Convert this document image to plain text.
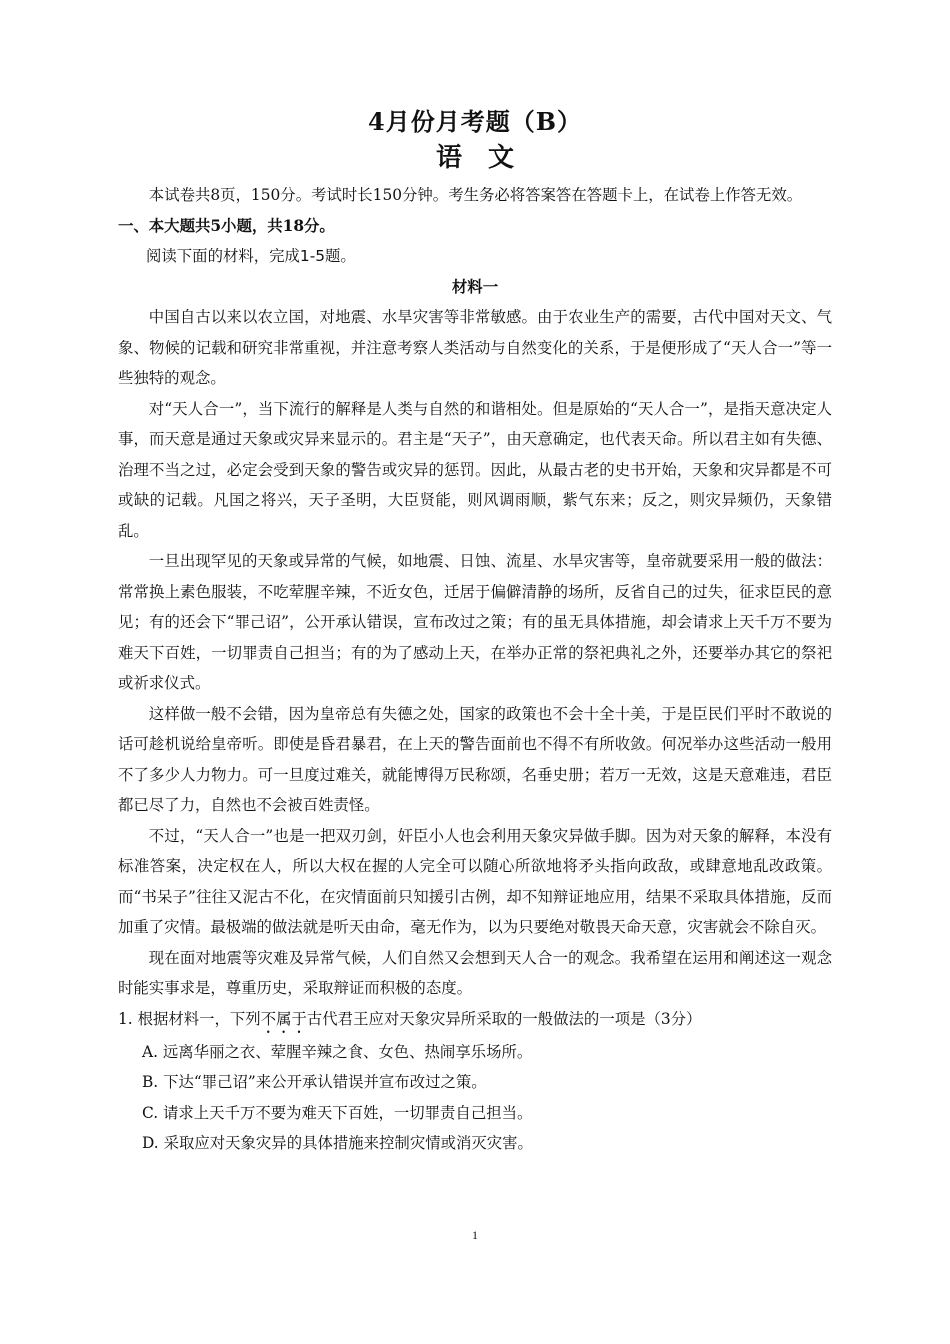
4月份月考题（B）
语文

本试卷共8页，150分。考试时长150分钟。考生务必将答案答在答题卡上，在试卷上作答无效。

一、本大题共5小题，共18分。

阅读下面的材料，完成1-5题。

材料一

中国自古以来以农立国，对地震、水旱灾害等非常敏感。由于农业生产的需要，古代中国对天文、气象、物候的记载和研究非常重视，并注意考察人类活动与自然变化的关系，于是便形成了“天人合一”等一些独特的观念。

对“天人合一”，当下流行的解释是人类与自然的和谐相处。但是原始的“天人合一”，是指天意决定人事，而天意是通过天象或灾异来显示的。君主是“天子”，由天意确定，也代表天命。所以君主如有失德、治理不当之过，必定会受到天象的警告或灾异的惩罚。因此，从最古老的史书开始，天象和灾异都是不可或缺的记载。凡国之将兴，天子圣明，大臣贤能，则风调雨顺，紫气东来；反之，则灾异频仍，天象错乱。

一旦出现罕见的天象或异常的气候，如地震、日蚀、流星、水旱灾害等，皇帝就要采用一般的做法：常常换上素色服装，不吃荤腥辛辣，不近女色，迁居于偏僻清静的场所，反省自己的过失，征求臣民的意见；有的还会下“罪己诏”，公开承认错误，宣布改过之策；有的虽无具体措施，却会请求上天千万不要为难天下百姓，一切罪责自己担当；有的为了感动上天，在举办正常的祭祀典礼之外，还要举办其它的祭祀或祈求仪式。

这样做一般不会错，因为皇帝总有失德之处，国家的政策也不会十全十美，于是臣民们平时不敢说的话可趁机说给皇帝听。即使是昏君暴君，在上天的警告面前也不得不有所收敛。何况举办这些活动一般用不了多少人力物力。可一旦度过难关，就能博得万民称颂，名垂史册；若万一无效，这是天意难违，君臣都已尽了力，自然也不会被百姓责怪。

不过，“天人合一”也是一把双刃剑，奸臣小人也会利用天象灾异做手脚。因为对天象的解释，本没有标准答案，决定权在人，所以大权在握的人完全可以随心所欲地将矛头指向政敌，或肆意地乱改政策。而“书呆子”往往又泥古不化，在灾情面前只知援引古例，却不知辩证地应用，结果不采取具体措施，反而加重了灾情。最极端的做法就是听天由命，毫无作为，以为只要绝对敬畏天命天意，灾害就会不除自灭。

现在面对地震等灾难及异常气候，人们自然又会想到天人合一的观念。我希望在运用和阐述这一观念时能实事求是，尊重历史，采取辩证而积极的态度。

1. 根据材料一，下列不属于古代君王应对天象灾异所采取的一般做法的一项是（3分）

A. 远离华丽之衣、荤腥辛辣之食、女色、热闹享乐场所。

B. 下达“罪己诏”来公开承认错误并宣布改过之策。

C. 请求上天千万不要为难天下百姓，一切罪责自己担当。

D. 采取应对天象灾异的具体措施来控制灾情或消灭灾害。

1
